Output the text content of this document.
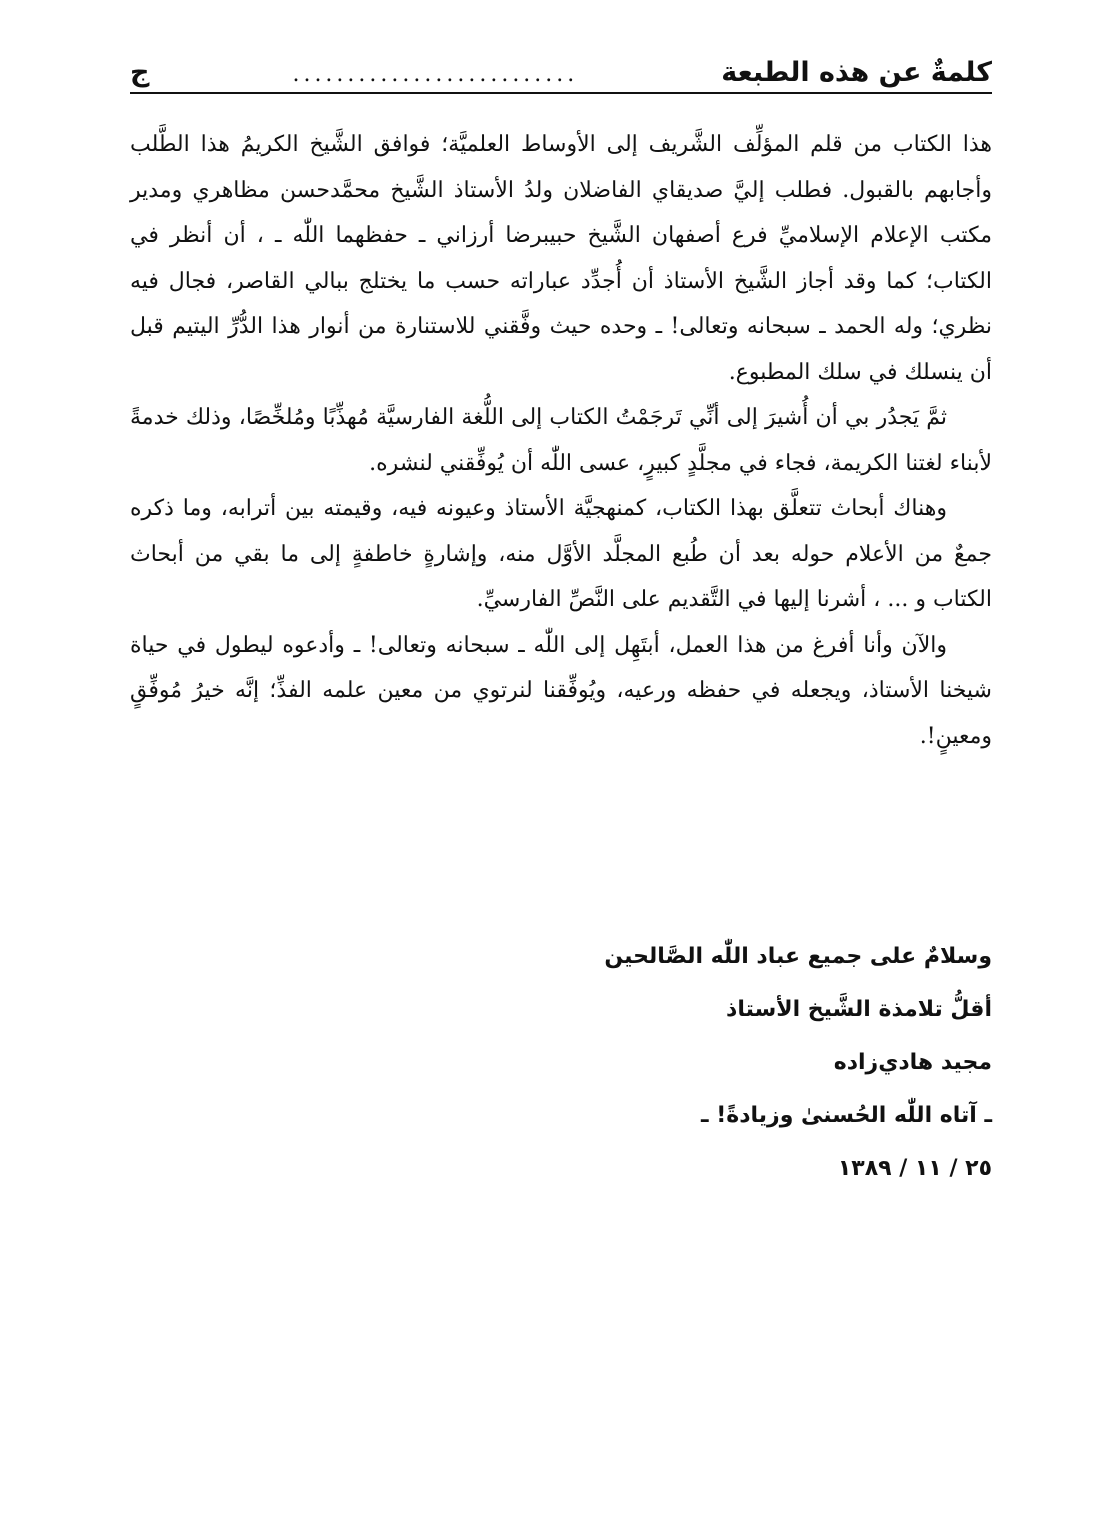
كلمةٌ عن هذه الطبعة
..........................
ج

هذا الكتاب من قلم المؤلِّف الشَّريف إلى الأوساط العلميَّة؛ فوافق الشَّيخ الكريمُ هذا الطَّلب وأجابهم بالقبول. فطلب إليَّ صديقاي الفاضلان ولدُ الأستاذ الشَّيخ محمَّدحسن مظاهري ومدير مكتب الإعلام الإسلاميِّ فرع أصفهان الشَّيخ حبيبرضا أرزاني ـ حفظهما اللّٰه ـ ، أن أنظر في الكتاب؛ كما وقد أجاز الشَّيخ الأستاذ أن أُجدِّد عباراته حسب ما يختلج ببالي القاصر، فجال فيه نظري؛ وله الحمد ـ سبحانه وتعالى! ـ وحده حيث وفَّقني للاستنارة من أنوار هذا الدُّرِّ اليتيم قبل أن ينسلك في سلك المطبوع.

ثمَّ يَجدُر بي أن أُشيرَ إلى أنِّي تَرجَمْتُ الكتاب إلى اللُّغة الفارسيَّة مُهذِّبًا ومُلخِّصًا، وذلك خدمةً لأبناء لغتنا الكريمة، فجاء في مجلَّدٍ كبيرٍ، عسى اللّٰه أن يُوفِّقني لنشره.

وهناك أبحاث تتعلَّق بهذا الكتاب، كمنهجيَّة الأستاذ وعيونه فيه، وقيمته بين أترابه، وما ذكره جمعٌ من الأعلام حوله بعد أن طُبع المجلَّد الأوَّل منه، وإشارةٍ خاطفةٍ إلى ما بقي من أبحاث الكتاب و ... ، أشرنا إليها في التَّقديم على النَّصِّ الفارسيِّ.

والآن وأنا أفرغ من هذا العمل، أبتَهِل إلى اللّٰه ـ سبحانه وتعالى! ـ وأدعوه ليطول في حياة شيخنا الأستاذ، ويجعله في حفظه ورعيه، ويُوفِّقنا لنرتوي من معين علمه الفذِّ؛ إنَّه خيرُ مُوفِّقٍ ومعينٍ!.

وسلامٌ على جميع عباد اللّٰه الصَّالحين
أقلُّ تلامذة الشَّيخ الأستاذ
مجيد هادي‌زاده
ـ آتاه اللّٰه الحُسنىٰ وزيادةً! ـ
٢٥ / ١١ / ١٣٨٩
